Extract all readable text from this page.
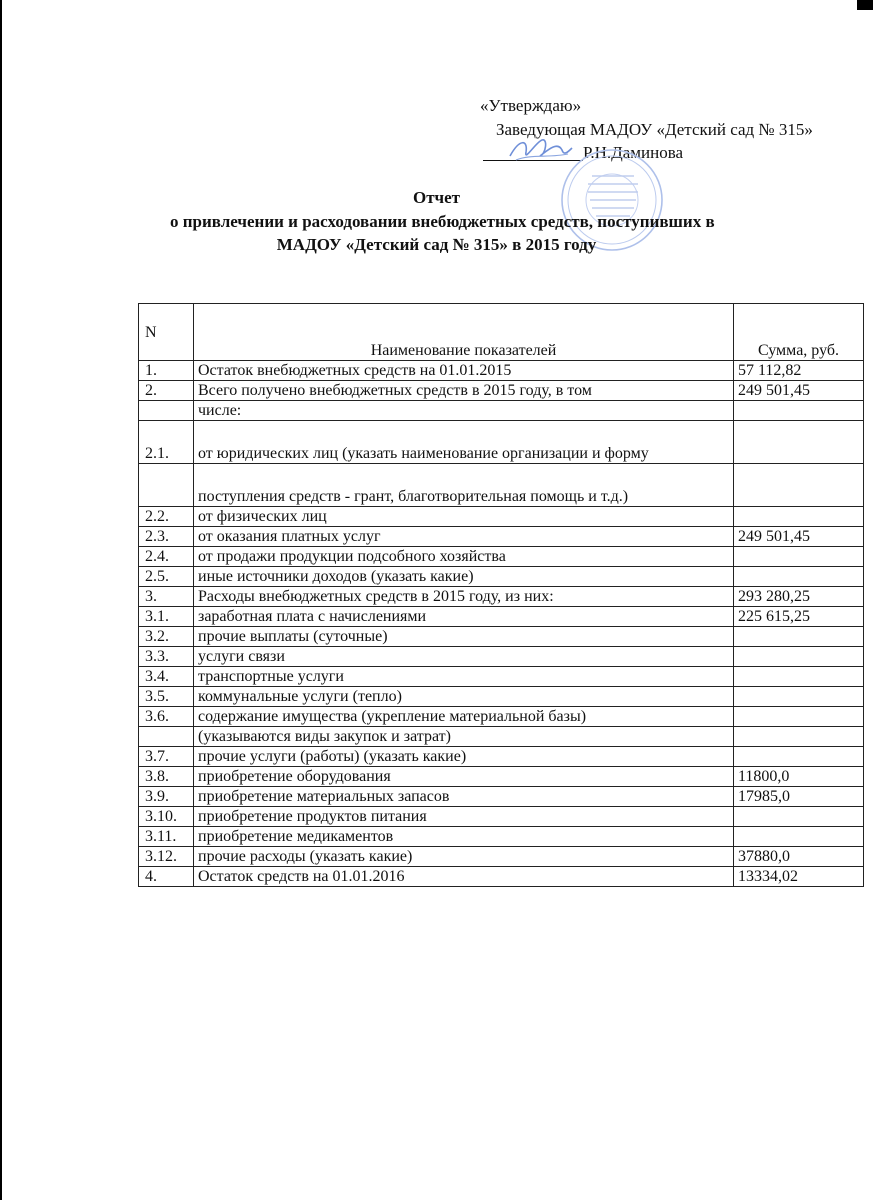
«Утверждаю»
Заведующая МАДОУ «Детский сад № 315»
Р.Н.Даминова
Отчет
о привлечении и расходовании внебюджетных средств, поступивших в
МАДОУ «Детский сад № 315» в 2015 году
N	Наименование показателей	Сумма, руб.
1.	Остаток внебюджетных средств на 01.01.2015	57 112,82
2.	Всего получено внебюджетных средств в 2015 году, в том	249 501,45
	числе:	
2.1.	от юридических лиц (указать наименование организации и форму	
	поступления средств - грант, благотворительная помощь и т.д.)	
2.2.	от физических лиц	
2.3.	от оказания платных услуг	249 501,45
2.4.	от продажи продукции подсобного хозяйства	
2.5.	иные источники доходов (указать какие)	
3.	Расходы внебюджетных средств в 2015 году, из них:	293 280,25
3.1.	заработная плата с начислениями	225 615,25
3.2.	прочие выплаты (суточные)	
3.3.	услуги связи	
3.4.	транспортные услуги	
3.5.	коммунальные услуги (тепло)	
3.6.	содержание имущества (укрепление материальной базы)	
	(указываются виды закупок и затрат)	
3.7.	прочие услуги (работы) (указать какие)	
3.8.	приобретение оборудования	11800,0
3.9.	приобретение материальных запасов	17985,0
3.10.	приобретение продуктов питания	
3.11.	приобретение медикаментов	
3.12.	прочие расходы (указать какие)	37880,0
4.	Остаток средств на 01.01.2016	13334,02
